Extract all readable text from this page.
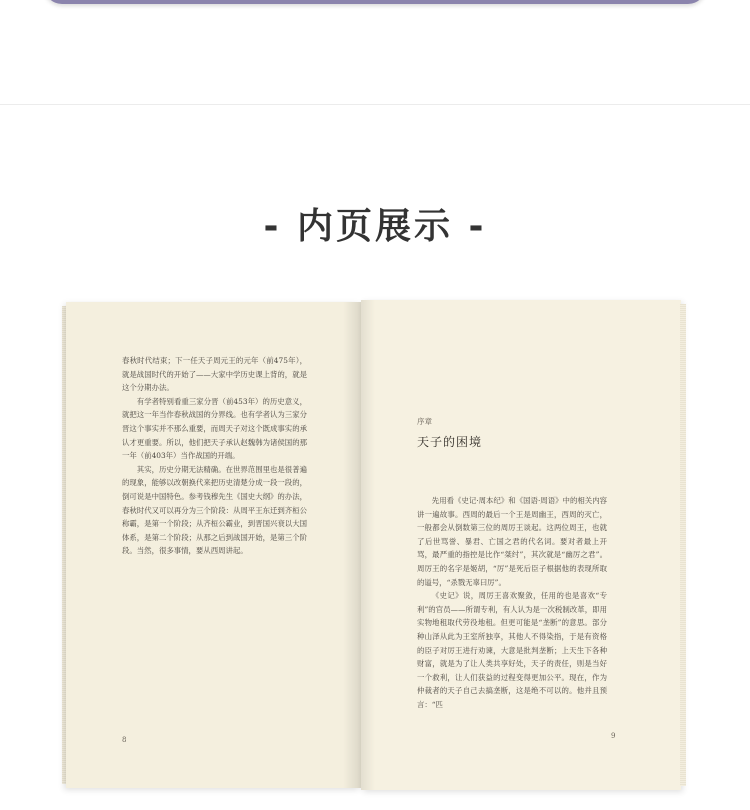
- 内页展示 -

春秋时代结束；下一任天子周元王的元年（前475年），就是战国时代的开始了——大家中学历史课上背的，就是这个分期办法。

有学者特别看重三家分晋（前453年）的历史意义，就把这一年当作春秋战国的分界线。也有学者认为三家分晋这个事实并不那么重要，而周天子对这个既成事实的承认才更重要。所以，他们把天子承认赵魏韩为诸侯国的那一年（前403年）当作战国的开端。

其实，历史分期无法精确。在世界范围里也是很普遍的现象，能够以改朝换代来把历史清楚分成一段一段的，倒可说是中国特色。参考钱穆先生《国史大纲》的办法，春秋时代又可以再分为三个阶段：从周平王东迁到齐桓公称霸，是第一个阶段；从齐桓公霸业，到晋国兴衰以大国体系，是第二个阶段；从那之后到战国开始，是第三个阶段。当然，很多事情，要从西周讲起。

8
序章
天子的困境

先用看《史记·周本纪》和《国语·周语》中的相关内容讲一遍故事。西周的最后一个王是周幽王，西周的灭亡，一般都会从倒数第三位的周厉王谈起。这两位周王，也就了后世骂誉、暴君、亡国之君的代名词。要对者最上开骂，最严重的指控是比作“桀纣”，其次就是“幽厉之君”。周厉王的名字是姬胡，“厉”是死后臣子根据他的表现所取的谥号，“杀戮无辜曰厉”。

《史记》说，周厉王喜欢聚敛，任用的也是喜欢“专利”的官员——所谓专利，有人认为是一次税制改革，即用实物地租取代劳役地租。但更可能是“垄断”的意思。部分种山泽从此为王室所独享，其他人不得染指，于是有资格的臣子对厉王进行劝谏，大意是批判垄断；上天生下各种财富，就是为了让人类共享好处，天子的责任，则是当好一个救利，让人们获益的过程变得更加公平。现在，作为仲裁者的天子自己去搞垄断，这是绝不可以的。他并且预言：“匹

9
